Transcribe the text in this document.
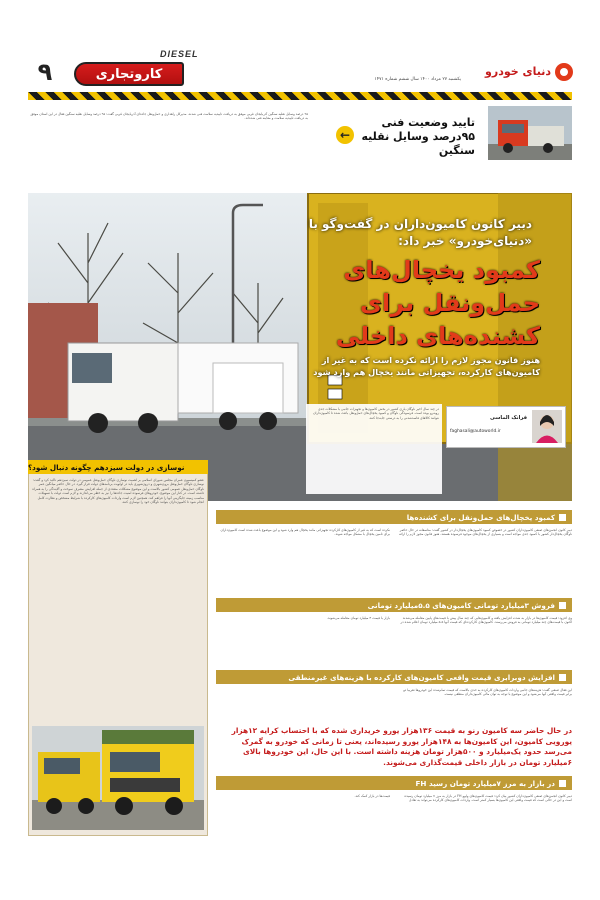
دنیای خودرو
DIESEL
کاروتجاری
۹	یکشنبه ۲۷ مرداد ۱۴۰۰ سال ششم شماره ۱۴۷۱

۹۵ درصد وسایل نقلیه سنگین آذربایجان غربی موفق به دریافت تاییدیه سلامت فنی شدند. مدیرکل راهداری و حمل‌ونقل جاده‌ای آذربایجان غربی گفت: ۹۵ درصد وسایل نقلیه سنگین فعال در این استان موفق به دریافت تاییدیه سلامت و معاینه فنی شده‌اند.

←
تایید وضعیت فنی ۹۵درصد وسایل نقلیه سنگین
دبیر کانون کامیون‌داران در گفت‌وگو با «دنیای‌خودرو» خبر داد:
کمبود یخچال‌های حمل‌ونقل برای کشنده‌های داخلی
هنوز قانون مجوز لازم را ارائه نکرده است که به غیر از کامیون‌های کارکرده، تجهیزاتی مانند یخچال هم وارد شود
فرانک الماسی
faghasali@autoworld.ir

در چند سال اخیر ناوگان باری کشور در بخش کامیون‌ها و تجهیزات جانبی با مشکلات جدی روبه‌رو بوده است. فرسودگی ناوگان و کمبود یخچال‌های حمل‌ونقل باعث شده تا کامیون‌داران نتوانند کالاهای فاسدشدنی را به درستی جابه‌جا کنند.

نوسازی در دولت سیزدهم چگونه دنبال شود؟

عضو کمیسیون عمران مجلس شورای اسلامی بر اهمیت نوسازی ناوگان حمل‌ونقل عمومی در دولت سیزدهم تاکید کرد و گفت: نوسازی ناوگان حمل‌ونقل برون‌شهری و درون‌شهری باید در اولویت برنامه‌های دولت قرار گیرد. در حال حاضر میانگین عمر ناوگان حمل‌ونقل عمومی کشور بالاست و این موضوع مشکلات متعددی از جمله افزایش مصرف سوخت و آلایندگی را به همراه داشته است. در کنار این موضوع، خودروهای فرسوده امنیت جاده‌ها را نیز به خطر می‌اندازند و لازم است دولت با تسهیلات مناسب زمینه جایگزینی آنها را فراهم کند. همچنین لازم است واردات کامیون‌های کارکرده با شرایط مشخص و نظارت کامل انجام شود تا کامیون‌داران بتوانند ناوگان خود را نوسازی کنند.

کمبود یخچال‌های حمل‌ونقل برای کشنده‌ها

دبیر کانون انجمن‌های صنفی کامیون‌داران کشور در خصوص کمبود کامیون‌های یخچال‌دار در کشور گفت: متاسفانه در حال حاضر ناوگان یخچال‌دار کشور با کمبود جدی مواجه است و بسیاری از یخچال‌های موجود فرسوده هستند. هنوز قانون مجوز لازم را ارائه نکرده است که به غیر از کامیون‌های کارکرده تجهیزاتی مانند یخچال هم وارد شود و این موضوع باعث شده است کامیون‌داران برای تامین یخچال با مشکل مواجه شوند.

فروش ۳میلیارد تومانی کامیون‌های ۵.۵میلیارد تومانی

وی افزود: قیمت کامیون‌ها در بازار به شدت افزایش یافته و کامیون‌هایی که چند سال پیش با قیمت‌های پایین معامله می‌شدند اکنون با قیمت‌های چند میلیارد تومانی به فروش می‌رسند. کامیون‌های کارکرده‌ای که قیمت آنها ۵.۵ میلیارد تومان اعلام شده در بازار با قیمت ۳ میلیارد تومان معامله می‌شوند.

افزایش دوبرابری قیمت واقعی کامیون‌های کارکرده با هزینه‌های غیرمنطقی

این فعال صنفی گفت: هزینه‌های جانبی واردات کامیون‌های کارکرده به حدی بالاست که قیمت تمام‌شده این خودروها تقریبا دو برابر قیمت واقعی آنها می‌شود و این موضوع با توجه به توان مالی کامیون‌داران منطقی نیست.

در حال حاضر سه کامیون رنو به قیمت ۱۳۶هزار یورو خریداری شده که با احتساب کرایه ۱۲هزار یورویی کامیون، این کامیون‌ها به ۱۴۸هزار یورو رسیده‌اند، یعنی تا زمانی که خودرو به گمرک می‌رسد حدود یک‌میلیارد و ۵۰۰هزار تومان هزینه داشته است. با این حال، این خودروها بالای ۶میلیارد تومان در بازار داخلی قیمت‌گذاری می‌شوند.
FH در بازار به مرز ۷میلیارد تومان رسید

دبیر کانون انجمن‌های صنفی کامیون‌داران کشور بیان کرد: قیمت کامیون‌های ولوو FH در بازار به مرز ۷ میلیارد تومان رسیده است و این در حالی است که قیمت واقعی این کامیون‌ها بسیار کمتر است. واردات کامیون‌های کارکرده می‌تواند به تعادل قیمت‌ها در بازار کمک کند.
